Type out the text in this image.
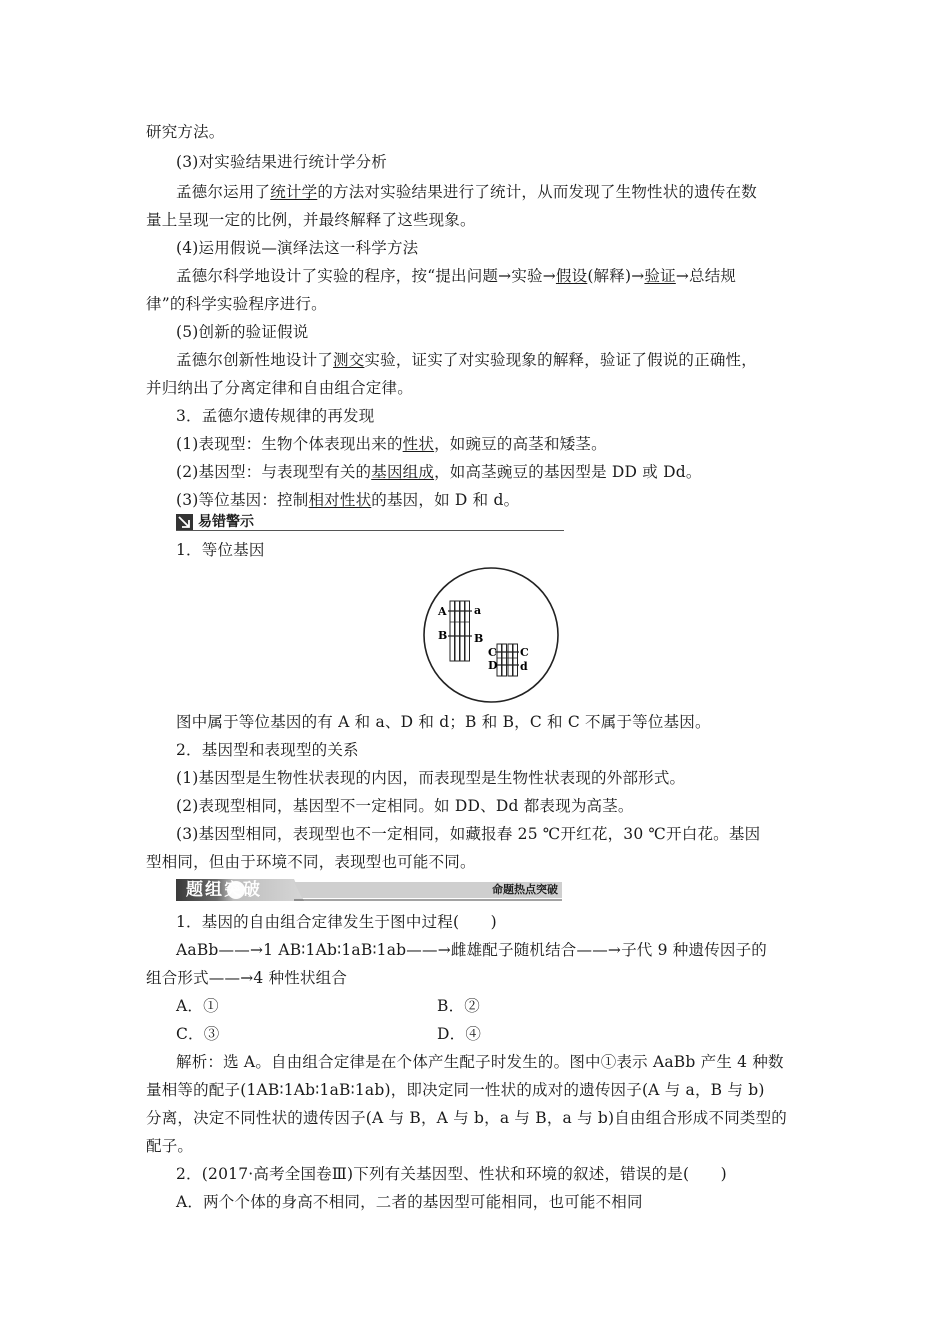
研究方法。
(3)对实验结果进行统计学分析
孟德尔运用了统计学的方法对实验结果进行了统计，从而发现了生物性状的遗传在数
量上呈现一定的比例，并最终解释了这些现象。
(4)运用假说—演绎法这一科学方法
孟德尔科学地设计了实验的程序，按“提出问题→实验→假设(解释)→验证→总结规
律”的科学实验程序进行。
(5)创新的验证假说
孟德尔创新性地设计了测交实验，证实了对实验现象的解释，验证了假说的正确性，
并归纳出了分离定律和自由组合定律。
3．孟德尔遗传规律的再发现
(1)表现型：生物个体表现出来的性状，如豌豆的高茎和矮茎。
(2)基因型：与表现型有关的基因组成，如高茎豌豆的基因型是 DD 或 Dd。
(3)等位基因：控制相对性状的基因，如 D 和 d。
易错警示
1．等位基因
A a
B B
C C
D d
图中属于等位基因的有 A 和 a、D 和 d；B 和 B，C 和 C 不属于等位基因。
2．基因型和表现型的关系
(1)基因型是生物性状表现的内因，而表现型是生物性状表现的外部形式。
(2)表现型相同，基因型不一定相同。如 DD、Dd 都表现为高茎。
(3)基因型相同，表现型也不一定相同，如藏报春 25 ℃开红花，30 ℃开白花。基因
型相同，但由于环境不同，表现型也可能不同。
题组突破	命题热点突破
1．基因的自由组合定律发生于图中过程(　　)
AaBb——→1 AB∶1Ab∶1aB∶1ab——→雌雄配子随机结合——→子代 9 种遗传因子的
组合形式——→4 种性状组合
A．①	B．②
C．③	D．④
解析：选 A。自由组合定律是在个体产生配子时发生的。图中①表示 AaBb 产生 4 种数
量相等的配子(1AB∶1Ab∶1aB∶1ab)，即决定同一性状的成对的遗传因子(A 与 a，B 与 b)
分离，决定不同性状的遗传因子(A 与 B，A 与 b，a 与 B，a 与 b)自由组合形成不同类型的
配子。
2．(2017·高考全国卷Ⅲ)下列有关基因型、性状和环境的叙述，错误的是(　　)
A．两个个体的身高不相同，二者的基因型可能相同，也可能不相同
